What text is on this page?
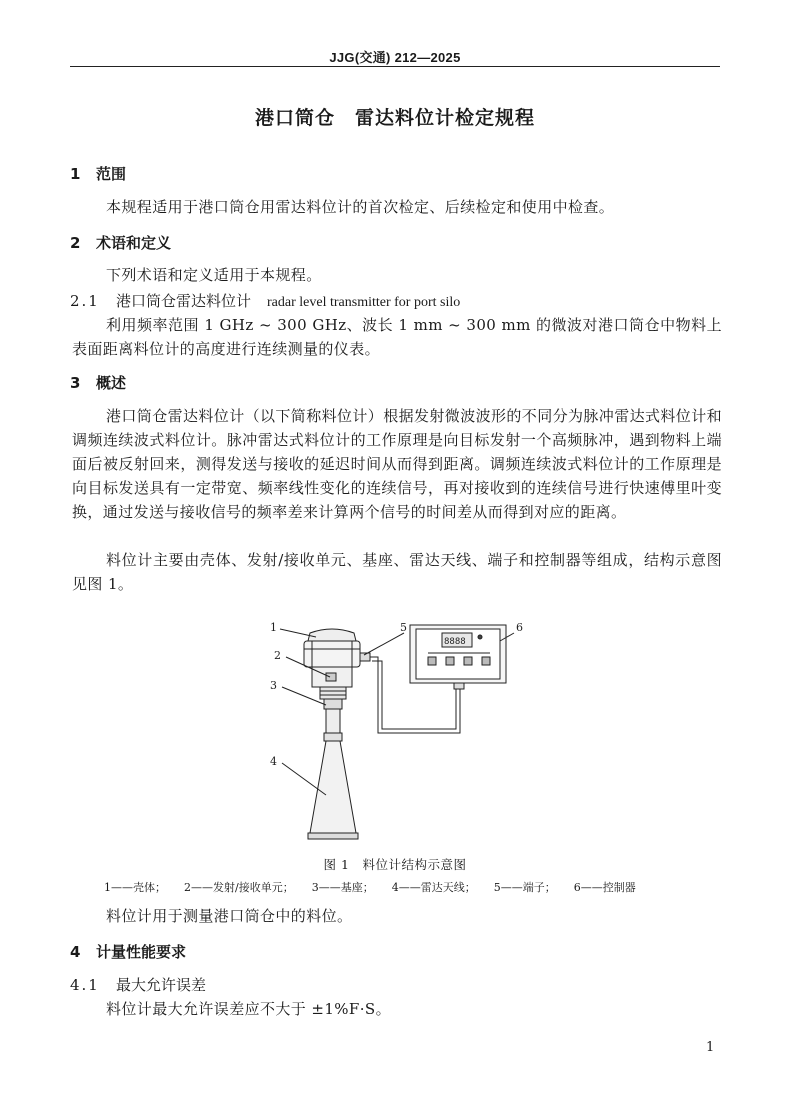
JJG(交通) 212—2025
港口筒仓　雷达料位计检定规程
1 范围
本规程适用于港口筒仓用雷达料位计的首次检定、后续检定和使用中检查。
2 术语和定义
下列术语和定义适用于本规程。
2.1 港口筒仓雷达料位计 radar level transmitter for port silo
利用频率范围 1 GHz ~ 300 GHz、波长 1 mm ~ 300 mm 的微波对港口筒仓中物料上表面距离料位计的高度进行连续测量的仪表。
3 概述
港口筒仓雷达料位计（以下简称料位计）根据发射微波波形的不同分为脉冲雷达式料位计和调频连续波式料位计。脉冲雷达式料位计的工作原理是向目标发射一个高频脉冲，遇到物料上端面后被反射回来，测得发送与接收的延迟时间从而得到距离。调频连续波式料位计的工作原理是向目标发送具有一定带宽、频率线性变化的连续信号，再对接收到的连续信号进行快速傅里叶变换，通过发送与接收信号的频率差来计算两个信号的时间差从而得到对应的距离。
料位计主要由壳体、发射/接收单元、基座、雷达天线、端子和控制器等组成，结构示意图见图 1。
8888
1
2
3
4
5	6
图 1　料位计结构示意图
1——壳体； 2——发射/接收单元； 3——基座； 4——雷达天线； 5——端子； 6——控制器
料位计用于测量港口筒仓中的料位。
4 计量性能要求
4.1 最大允许误差
料位计最大允许误差应不大于 ±1%F·S。
1
